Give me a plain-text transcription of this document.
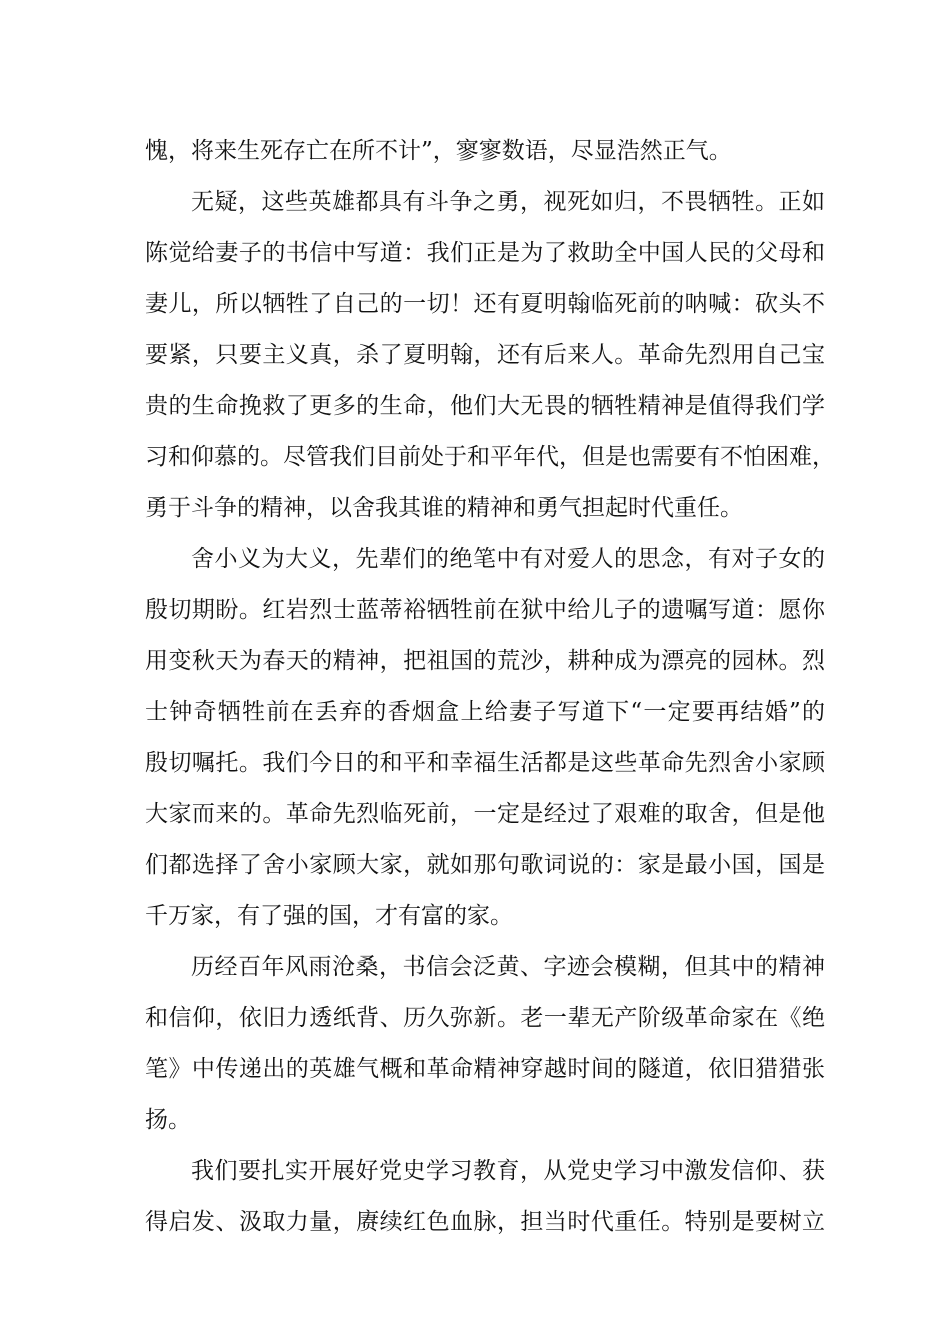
愧，将来生死存亡在所不计”，寥寥数语，尽显浩然正气。
无疑，这些英雄都具有斗争之勇，视死如归，不畏牺牲。正如
陈觉给妻子的书信中写道：我们正是为了救助全中国人民的父母和
妻儿，所以牺牲了自己的一切！还有夏明翰临死前的呐喊：砍头不
要紧，只要主义真，杀了夏明翰，还有后来人。革命先烈用自己宝
贵的生命挽救了更多的生命，他们大无畏的牺牲精神是值得我们学
习和仰慕的。尽管我们目前处于和平年代，但是也需要有不怕困难，
勇于斗争的精神，以舍我其谁的精神和勇气担起时代重任。
舍小义为大义，先辈们的绝笔中有对爱人的思念，有对子女的
殷切期盼。红岩烈士蓝蒂裕牺牲前在狱中给儿子的遗嘱写道：愿你
用变秋天为春天的精神，把祖国的荒沙，耕种成为漂亮的园林。烈
士钟奇牺牲前在丢弃的香烟盒上给妻子写道下“一定要再结婚”的
殷切嘱托。我们今日的和平和幸福生活都是这些革命先烈舍小家顾
大家而来的。革命先烈临死前，一定是经过了艰难的取舍，但是他
们都选择了舍小家顾大家，就如那句歌词说的：家是最小国，国是
千万家，有了强的国，才有富的家。
历经百年风雨沧桑，书信会泛黄、字迹会模糊，但其中的精神
和信仰，依旧力透纸背、历久弥新。老一辈无产阶级革命家在《绝
笔》中传递出的英雄气概和革命精神穿越时间的隧道，依旧猎猎张
扬。
我们要扎实开展好党史学习教育，从党史学习中激发信仰、获
得启发、汲取力量，赓续红色血脉，担当时代重任。特别是要树立
